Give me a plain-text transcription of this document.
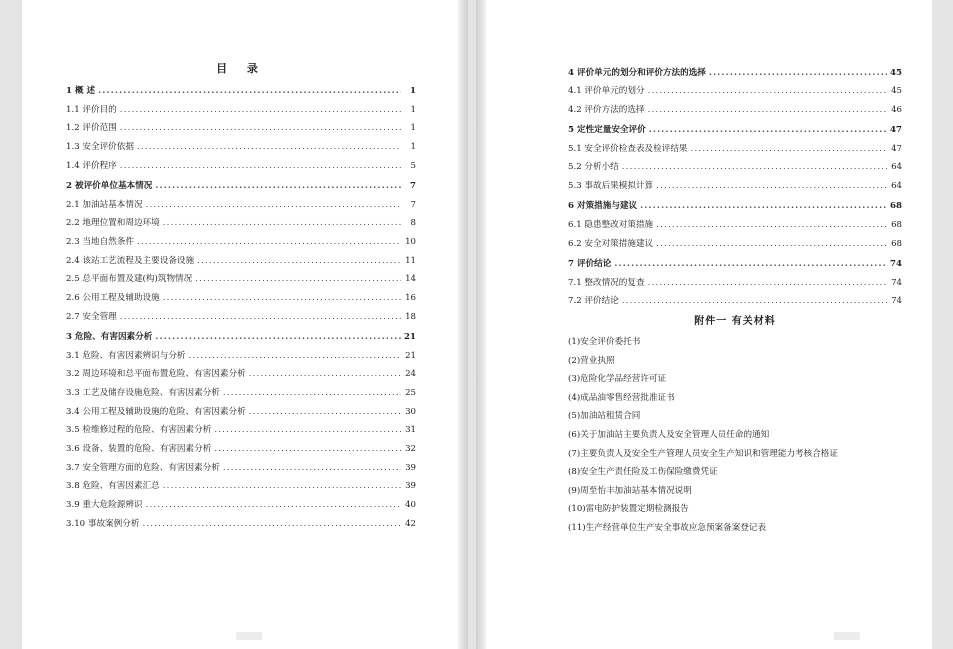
目 录
1 概 述 .....	1
1.1 评价目的 .....	1
1.2 评价范围 .....	1
1.3 安全评价依据 .....	1
1.4 评价程序 .....	5
2 被评价单位基本情况 .....	7
2.1 加油站基本情况 .....	7
2.2 地理位置和周边环境 .....	8
2.3 当地自然条件 .....	10
2.4 该站工艺流程及主要设备设施 .....	11
2.5 总平面布置及建(构)筑物情况 .....	14
2.6 公用工程及辅助设施 .....	16
2.7 安全管理 .....	18
3 危险、有害因素分析 .....	21
3.1 危险、有害因素辨识与分析 .....	21
3.2 周边环境和总平面布置危险、有害因素分析 .....	24
3.3 工艺及储存设施危险、有害因素分析 .....	25
3.4 公用工程及辅助设施的危险、有害因素分析 .....	30
3.5 检维修过程的危险、有害因素分析 .....	31
3.6 设备、装置的危险、有害因素分析 .....	32
3.7 安全管理方面的危险、有害因素分析 .....	39
3.8 危险、有害因素汇总 .....	39
3.9 重大危险源辨识 .....	40
3.10 事故案例分析 .....	42
4 评价单元的划分和评价方法的选择 .....	45
4.1 评价单元的划分 .....	45
4.2 评价方法的选择 .....	46
5 定性定量安全评价 .....	47
5.1 安全评价检查表及检评结果 .....	47
5.2 分析小结 .....	64
5.3 事故后果模拟计算 .....	64
6 对策措施与建议 .....	68
6.1 隐患整改对策措施 .....	68
6.2 安全对策措施建议 .....	68
7 评价结论 .....	74
7.1 整改情况的复查 .....	74
7.2 评价结论 .....	74
附件一 有关材料
(1)安全评价委托书
(2)营业执照
(3)危险化学品经营许可证
(4)成品油零售经营批准证书
(5)加油站租赁合同
(6)关于加油站主要负责人及安全管理人员任命的通知
(7)主要负责人及安全生产管理人员安全生产知识和管理能力考核合格证
(8)安全生产责任险及工伤保险缴费凭证
(9)周至怡丰加油站基本情况说明
(10)雷电防护装置定期检测报告
(11)生产经营单位生产安全事故应急预案备案登记表
